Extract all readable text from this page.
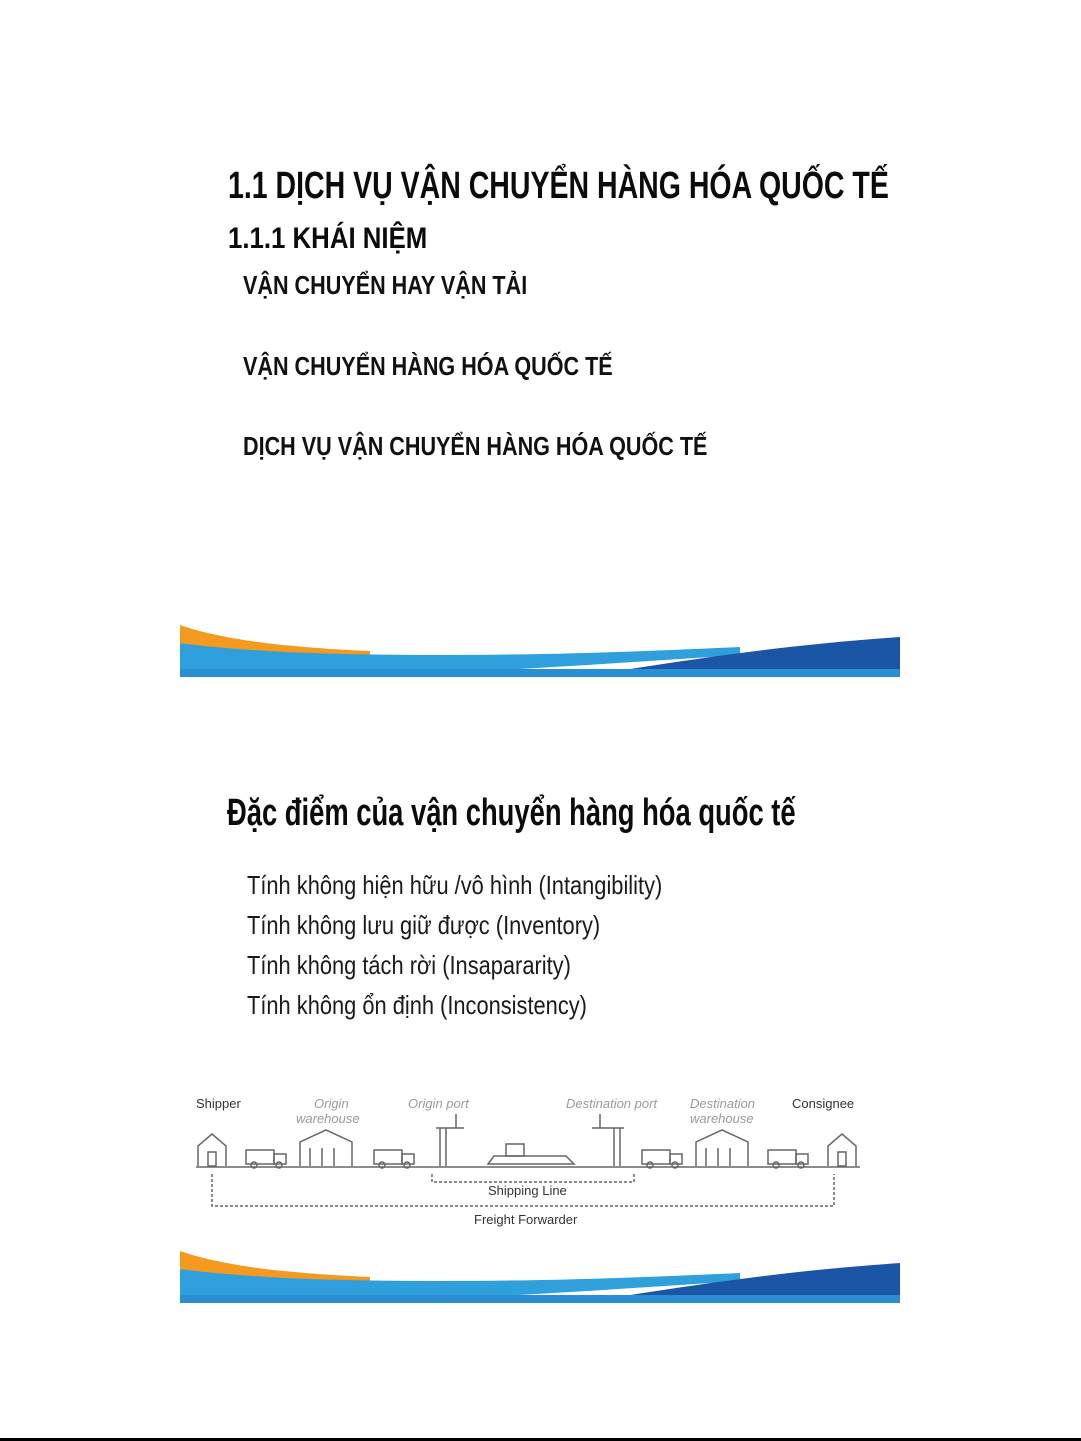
1.1 DỊCH VỤ VẬN CHUYỂN HÀNG HÓA QUỐC TẾ
1.1.1 KHÁI NIỆM
VẬN CHUYỂN HAY VẬN TẢI
VẬN CHUYỂN HÀNG HÓA QUỐC TẾ
DỊCH VỤ VẬN CHUYỂN HÀNG HÓA QUỐC TẾ
Đặc điểm của vận chuyển hàng hóa quốc tế
Tính không hiện hữu /vô hình (Intangibility)
Tính không lưu giữ được (Inventory)
Tính không tách rời (Insapararity)
Tính không ổn định (Inconsistency)
Shipper	Origin
warehouse
Origin port	Destination port	Destination
warehouse
Consignee
Shipping Line
Freight Forwarder
